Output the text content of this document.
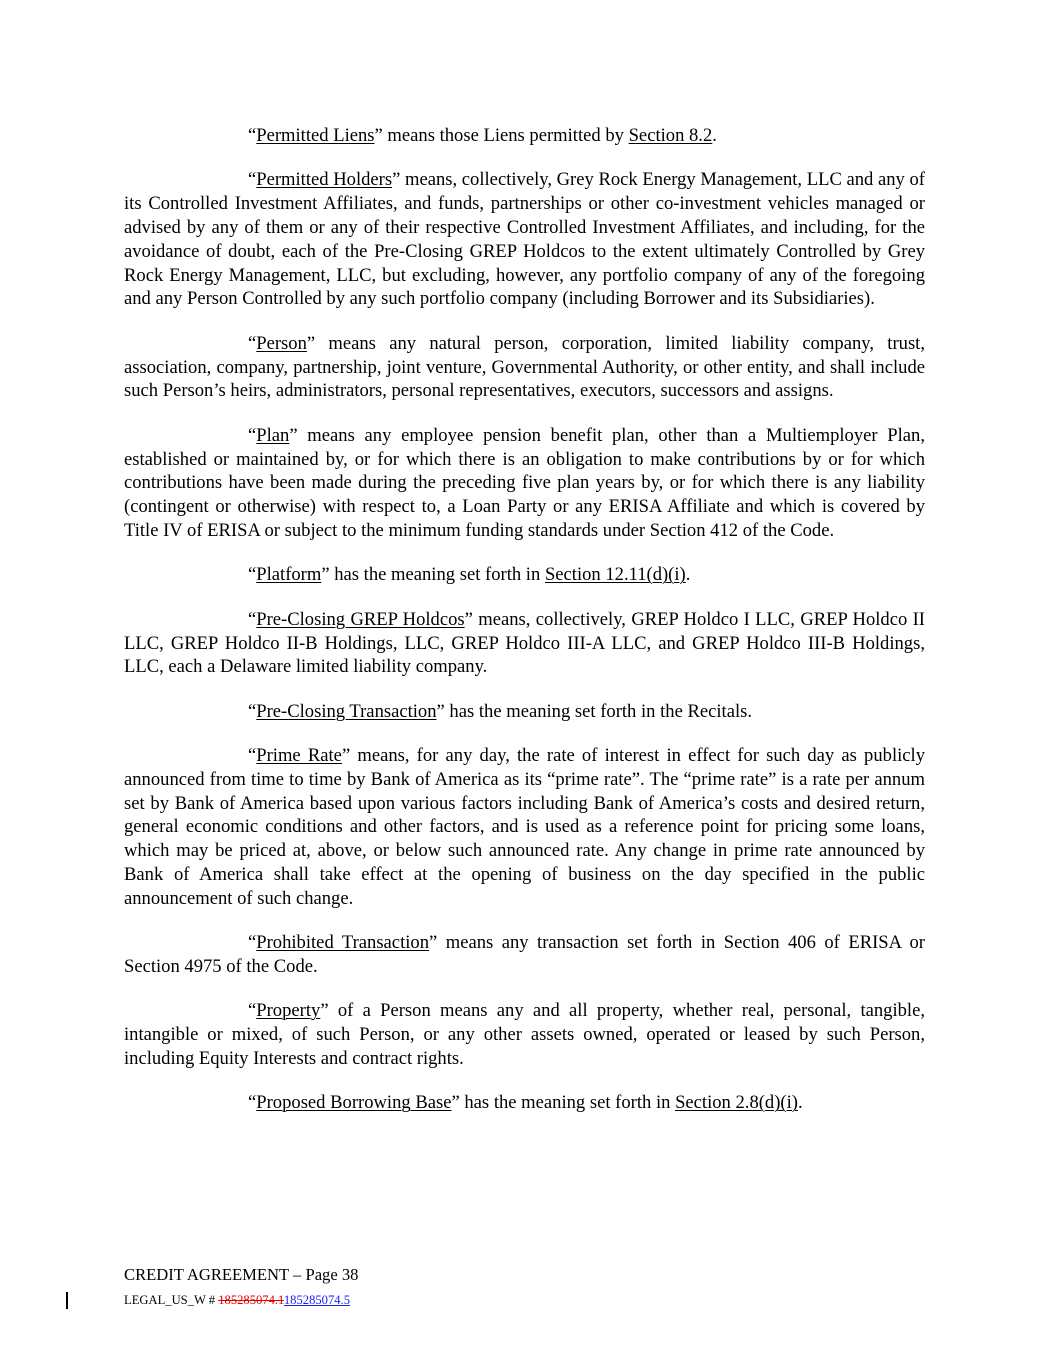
“Permitted Liens” means those Liens permitted by Section 8.2.

“Permitted Holders” means, collectively, Grey Rock Energy Management, LLC and any of its Controlled Investment Affiliates, and funds, partnerships or other co-investment vehicles managed or advised by any of them or any of their respective Controlled Investment Affiliates, and including, for the avoidance of doubt, each of the Pre-Closing GREP Holdcos to the extent ultimately Controlled by Grey Rock Energy Management, LLC, but excluding, however, any portfolio company of any of the foregoing and any Person Controlled by any such portfolio company (including Borrower and its Subsidiaries).

“Person” means any natural person, corporation, limited liability company, trust, association, company, partnership, joint venture, Governmental Authority, or other entity, and shall include such Person’s heirs, administrators, personal representatives, executors, successors and assigns.

“Plan” means any employee pension benefit plan, other than a Multiemployer Plan, established or maintained by, or for which there is an obligation to make contributions by or for which contributions have been made during the preceding five plan years by, or for which there is any liability (contingent or otherwise) with respect to, a Loan Party or any ERISA Affiliate and which is covered by Title IV of ERISA or subject to the minimum funding standards under Section 412 of the Code.

“Platform” has the meaning set forth in Section 12.11(d)(i).

“Pre-Closing GREP Holdcos” means, collectively, GREP Holdco I LLC, GREP Holdco II LLC, GREP Holdco II-B Holdings, LLC, GREP Holdco III-A LLC, and GREP Holdco III-B Holdings, LLC, each a Delaware limited liability company.

“Pre-Closing Transaction” has the meaning set forth in the Recitals.

“Prime Rate” means, for any day, the rate of interest in effect for such day as publicly announced from time to time by Bank of America as its “prime rate”. The “prime rate” is a rate per annum set by Bank of America based upon various factors including Bank of America’s costs and desired return, general economic conditions and other factors, and is used as a reference point for pricing some loans, which may be priced at, above, or below such announced rate. Any change in prime rate announced by Bank of America shall take effect at the opening of business on the day specified in the public announcement of such change.

“Prohibited Transaction” means any transaction set forth in Section 406 of ERISA or Section 4975 of the Code.

“Property” of a Person means any and all property, whether real, personal, tangible, intangible or mixed, of such Person, or any other assets owned, operated or leased by such Person, including Equity Interests and contract rights.

“Proposed Borrowing Base” has the meaning set forth in Section 2.8(d)(i).

CREDIT AGREEMENT – Page 38
LEGAL_US_W # 185285074.1185285074.5
